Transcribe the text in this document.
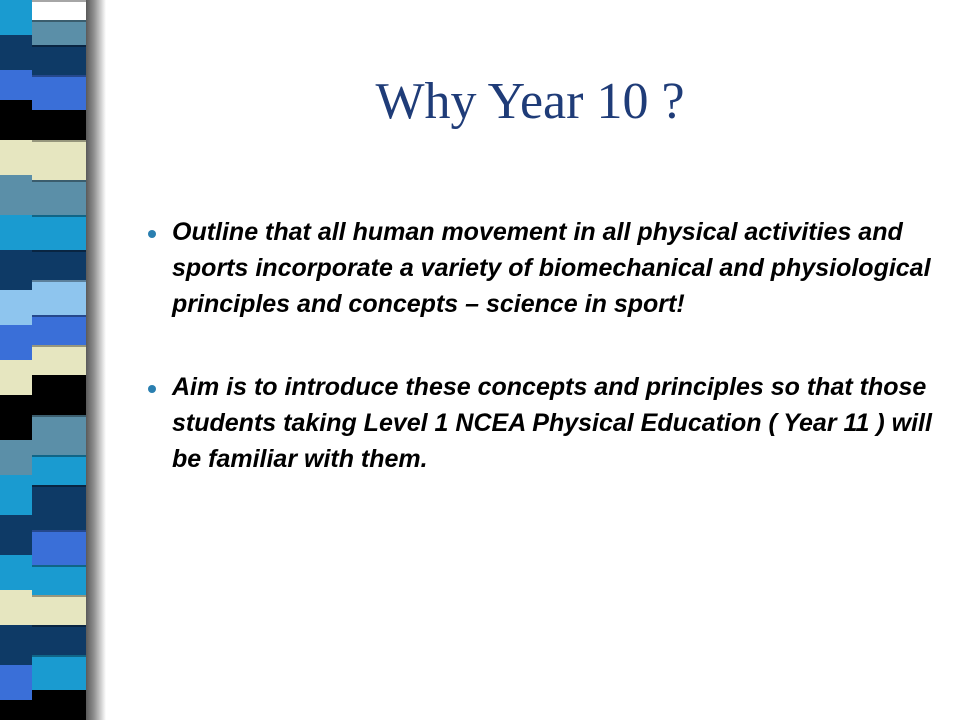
Why Year 10 ?
Outline that all human movement in all physical activities and sports incorporate a variety of biomechanical and physiological principles and concepts – science in sport!
Aim is to introduce these concepts and principles so that those students taking Level 1 NCEA Physical Education ( Year 11 ) will be familiar with them.
